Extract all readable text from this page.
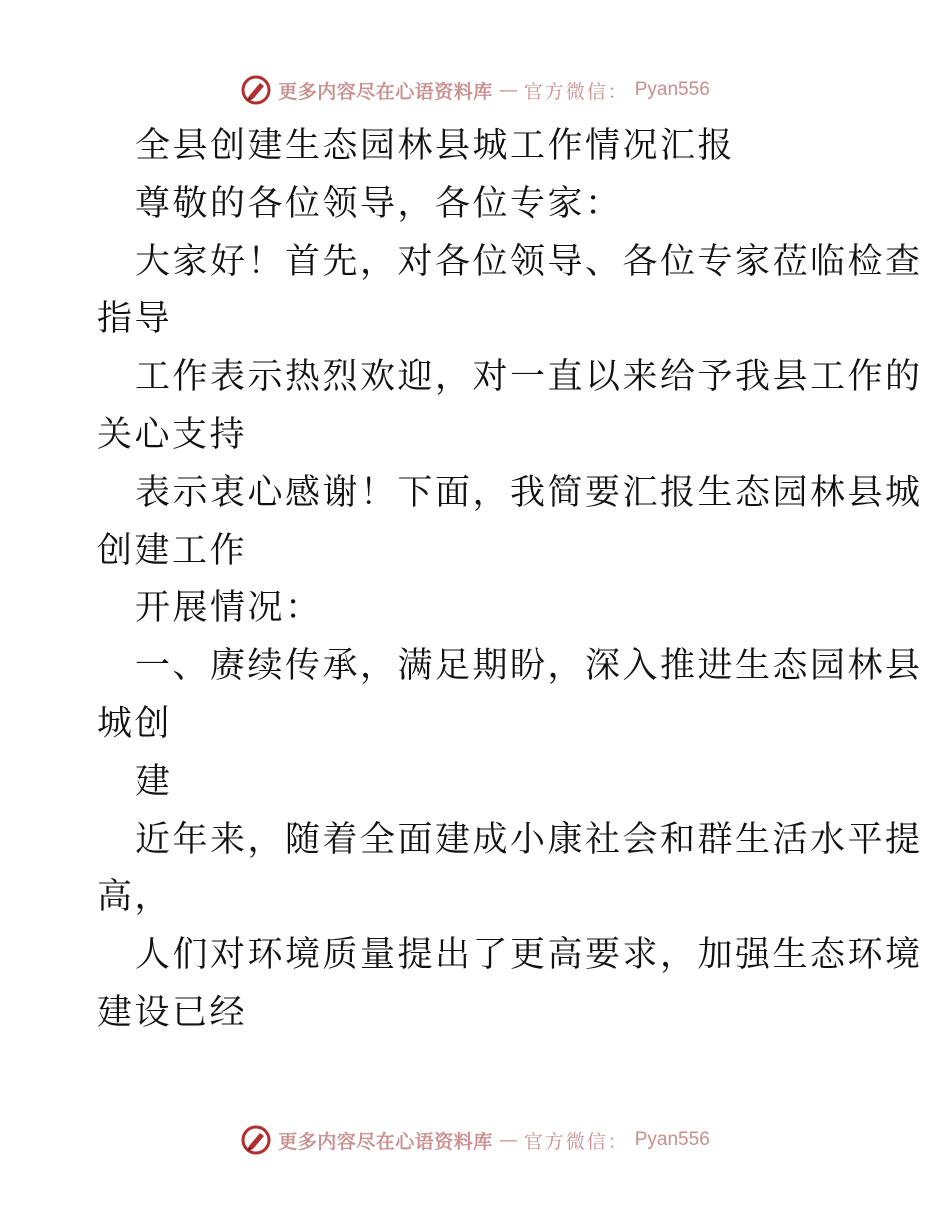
更多内容尽在心语资料库 — 官方微信： Pyan556
全县创建生态园林县城工作情况汇报
尊敬的各位领导，各位专家：
大家好！首先，对各位领导、各位专家莅临检查
指导
工作表示热烈欢迎，对一直以来给予我县工作的
关心支持
表示衷心感谢！下面，我简要汇报生态园林县城
创建工作
开展情况：
一、赓续传承，满足期盼，深入推进生态园林县
城创
建
近年来，随着全面建成小康社会和群生活水平提
高，
人们对环境质量提出了更高要求，加强生态环境
建设已经
更多内容尽在心语资料库 — 官方微信： Pyan556
